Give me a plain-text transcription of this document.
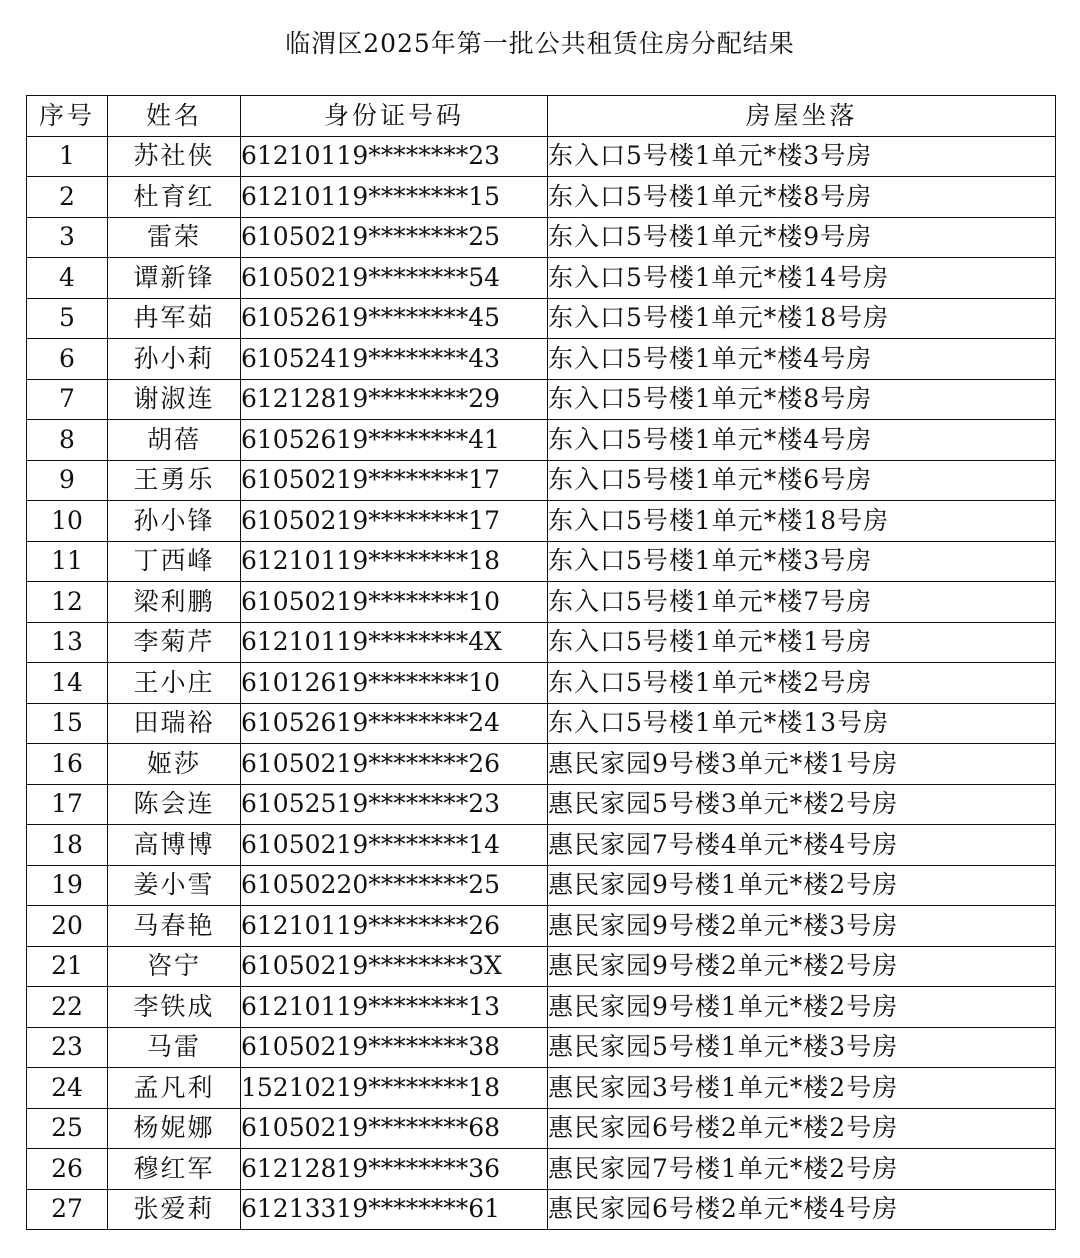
临渭区2025年第一批公共租赁住房分配结果
序号	姓名	身份证号码	房屋坐落
1	苏社侠	61210119********23	东入口5号楼1单元*楼3号房
2	杜育红	61210119********15	东入口5号楼1单元*楼8号房
3	雷荣	61050219********25	东入口5号楼1单元*楼9号房
4	谭新锋	61050219********54	东入口5号楼1单元*楼14号房
5	冉军茹	61052619********45	东入口5号楼1单元*楼18号房
6	孙小莉	61052419********43	东入口5号楼1单元*楼4号房
7	谢淑连	61212819********29	东入口5号楼1单元*楼8号房
8	胡蓓	61052619********41	东入口5号楼1单元*楼4号房
9	王勇乐	61050219********17	东入口5号楼1单元*楼6号房
10	孙小锋	61050219********17	东入口5号楼1单元*楼18号房
11	丁西峰	61210119********18	东入口5号楼1单元*楼3号房
12	梁利鹏	61050219********10	东入口5号楼1单元*楼7号房
13	李菊芹	61210119********4X	东入口5号楼1单元*楼1号房
14	王小庄	61012619********10	东入口5号楼1单元*楼2号房
15	田瑞裕	61052619********24	东入口5号楼1单元*楼13号房
16	姬莎	61050219********26	惠民家园9号楼3单元*楼1号房
17	陈会连	61052519********23	惠民家园5号楼3单元*楼2号房
18	高博博	61050219********14	惠民家园7号楼4单元*楼4号房
19	姜小雪	61050220********25	惠民家园9号楼1单元*楼2号房
20	马春艳	61210119********26	惠民家园9号楼2单元*楼3号房
21	咨宁	61050219********3X	惠民家园9号楼2单元*楼2号房
22	李铁成	61210119********13	惠民家园9号楼1单元*楼2号房
23	马雷	61050219********38	惠民家园5号楼1单元*楼3号房
24	孟凡利	15210219********18	惠民家园3号楼1单元*楼2号房
25	杨妮娜	61050219********68	惠民家园6号楼2单元*楼2号房
26	穆红军	61212819********36	惠民家园7号楼1单元*楼2号房
27	张爱莉	61213319********61	惠民家园6号楼2单元*楼4号房
